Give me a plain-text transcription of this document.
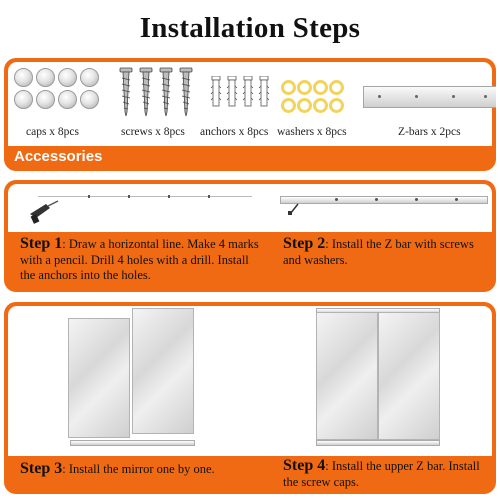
Installation Steps
caps x 8pcs	screws x 8pcs anchors x 8pcs washers x 8pcs	Z-bars x 2pcs
Accessories
Step 1: Draw a horizontal line. Make 4 marks with a pencil. Drill 4 holes with a drill. Install the anchors into the holes.
Step 2: Install the Z bar with screws and washers.
Step 3: Install the mirror one by one.	Step 4: Install the upper Z bar. Install the screw caps.
